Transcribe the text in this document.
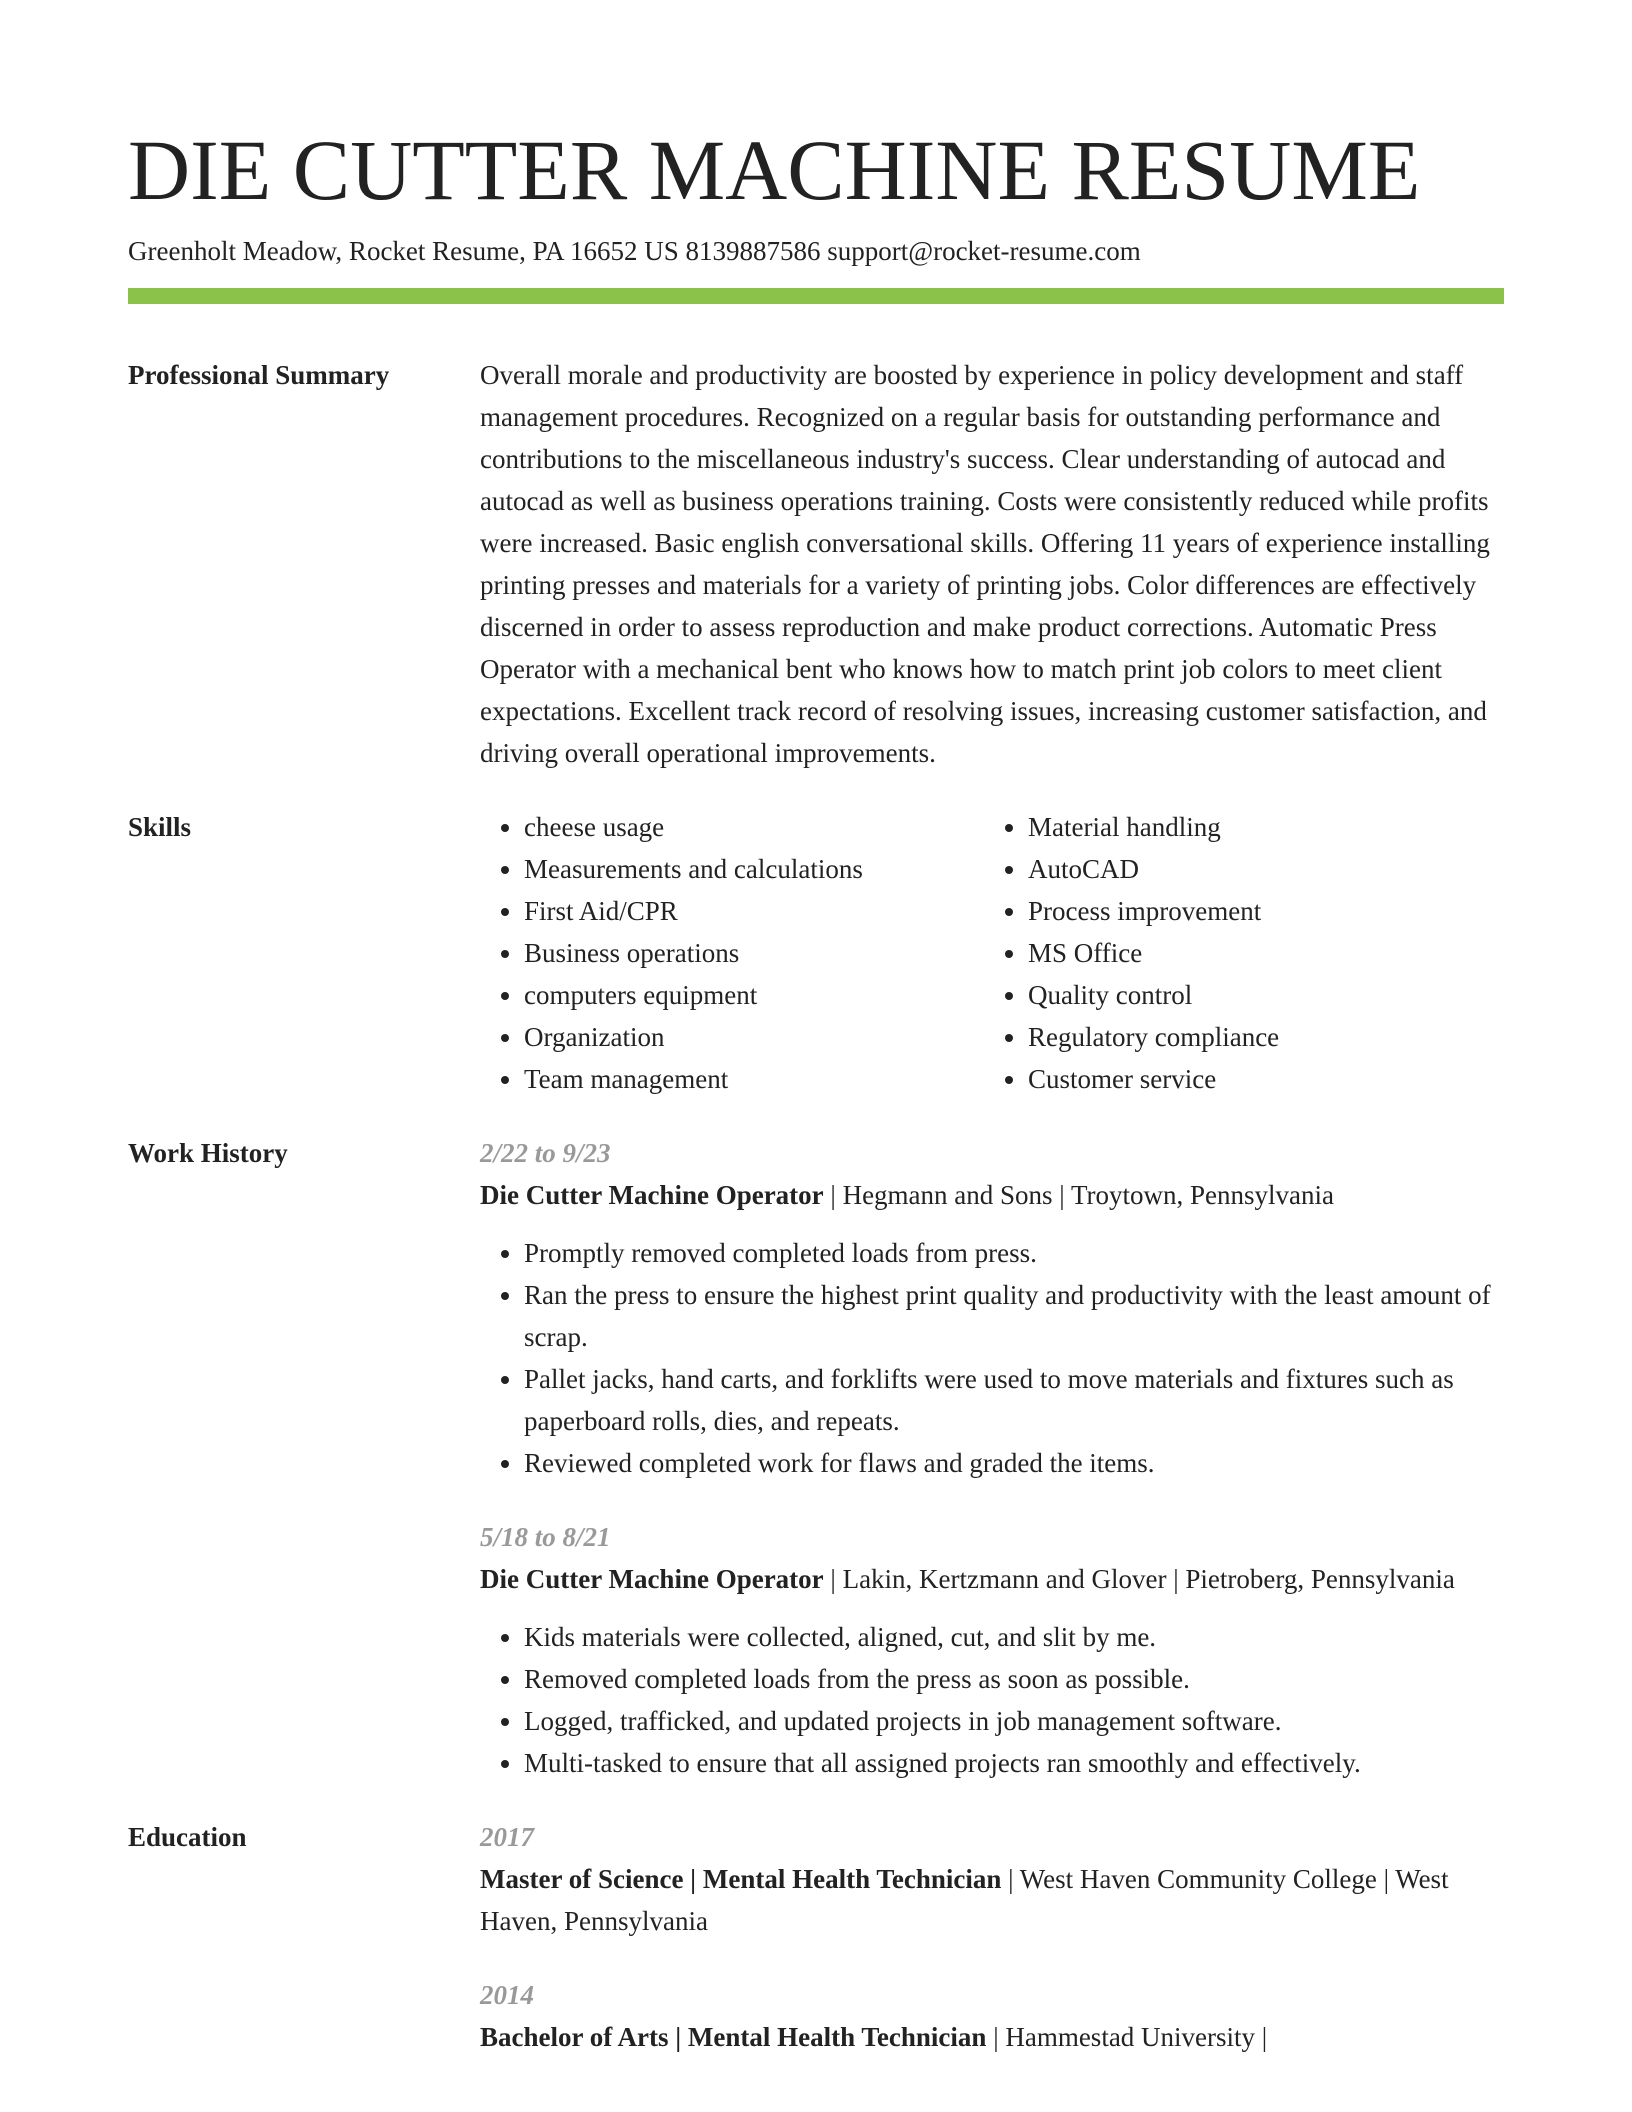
DIE CUTTER MACHINE RESUME
Greenholt Meadow, Rocket Resume, PA 16652 US 8139887586 support@rocket-resume.com
Professional Summary	Overall morale and productivity are boosted by experience in policy development and staff management procedures. Recognized on a regular basis for outstanding performance and contributions to the miscellaneous industry's success. Clear understanding of autocad and autocad as well as business operations training. Costs were consistently reduced while profits were increased. Basic english conversational skills. Offering 11 years of experience installing printing presses and materials for a variety of printing jobs. Color differences are effectively discerned in order to assess reproduction and make product corrections. Automatic Press Operator with a mechanical bent who knows how to match print job colors to meet client expectations. Excellent track record of resolving issues, increasing customer satisfaction, and driving overall operational improvements.

Skills
•	cheese usage
• Measurements and calculations
• First Aid/CPR
• Business operations
• computers equipment
• Organization
• Team management
• Material handling
• AutoCAD
• Process improvement
• MS Office
• Quality control
• Regulatory compliance
• Customer service
Work History	2/22 to 9/23
Die Cutter Machine Operator | Hegmann and Sons | Troytown, Pennsylvania
• Promptly removed completed loads from press.
• Ran the press to ensure the highest print quality and productivity with the least amount of scrap.
• Pallet jacks, hand carts, and forklifts were used to move materials and fixtures such as paperboard rolls, dies, and repeats.
• Reviewed completed work for flaws and graded the items.
5/18 to 8/21
Die Cutter Machine Operator | Lakin, Kertzmann and Glover | Pietroberg, Pennsylvania
• Kids materials were collected, aligned, cut, and slit by me.
• Removed completed loads from the press as soon as possible.
• Logged, trafficked, and updated projects in job management software.
• Multi-tasked to ensure that all assigned projects ran smoothly and effectively.
Education	2017
Master of Science | Mental Health Technician | West Haven Community College | West Haven, Pennsylvania
2014
Bachelor of Arts | Mental Health Technician | Hammestad University |
